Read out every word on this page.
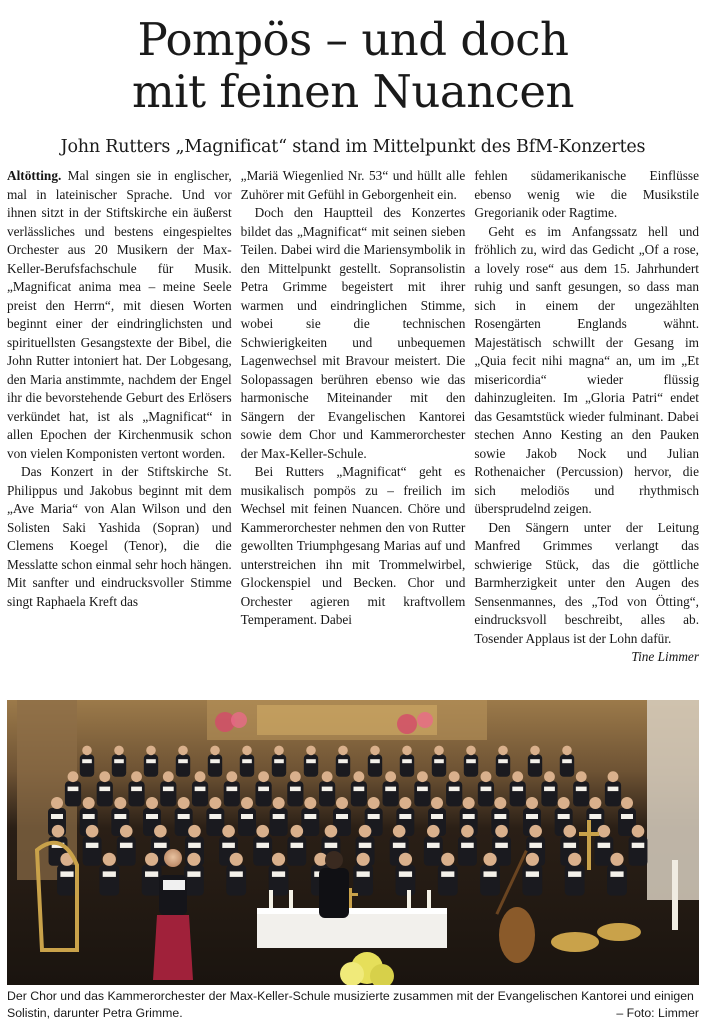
Pompös – und doch
mit feinen Nuancen
John Rutters „Magnificat“ stand im Mittelpunkt des BfM-Konzertes

Altötting. Mal singen sie in englischer, mal in lateinischer Sprache. Und vor ihnen sitzt in der Stiftskirche ein äußerst verlässliches und bestens eingespieltes Orchester aus 20 Musikern der Max-Keller-Berufsfachschule für Musik. „Magnificat anima mea – meine Seele preist den Herrn“, mit diesen Worten beginnt einer der eindringlichsten und spirituellsten Gesangstexte der Bibel, die John Rutter intoniert hat. Der Lobgesang, den Maria anstimmte, nachdem der Engel ihr die bevorstehende Geburt des Erlösers verkündet hat, ist als „Magnificat“ in allen Epochen der Kirchenmusik schon von vielen Komponisten vertont worden.

Das Konzert in der Stiftskirche St. Philippus und Jakobus beginnt mit dem „Ave Maria“ von Alan Wilson und den Solisten Saki Yashida (Sopran) und Clemens Koegel (Tenor), die die Messlatte schon einmal sehr hoch hängen. Mit sanfter und eindrucksvoller Stimme singt Raphaela Kreft das

„Mariä Wiegenlied Nr. 53“ und hüllt alle Zuhörer mit Gefühl in Geborgenheit ein.

Doch den Hauptteil des Konzertes bildet das „Magnificat“ mit seinen sieben Teilen. Dabei wird die Mariensymbolik in den Mittelpunkt gestellt. Sopransolistin Petra Grimme begeistert mit ihrer warmen und eindringlichen Stimme, wobei sie die technischen Schwierigkeiten und unbequemen Lagenwechsel mit Bravour meistert. Die Solopassagen berühren ebenso wie das harmonische Miteinander mit den Sängern der Evangelischen Kantorei sowie dem Chor und Kammerorchester der Max-Keller-Schule.

Bei Rutters „Magnificat“ geht es musikalisch pompös zu – freilich im Wechsel mit feinen Nuancen. Chöre und Kammerorchester nehmen den von Rutter gewollten Triumphgesang Marias auf und unterstreichen ihn mit Trommelwirbel, Glockenspiel und Becken. Chor und Orchester agieren mit kraftvollem Temperament. Dabei

fehlen südamerikanische Einflüsse ebenso wenig wie die Musikstile Gregorianik oder Ragtime.

Geht es im Anfangssatz hell und fröhlich zu, wird das Gedicht „Of a rose, a lovely rose“ aus dem 15. Jahrhundert ruhig und sanft gesungen, so dass man sich in einem der ungezählten Rosengärten Englands wähnt. Majestätisch schwillt der Gesang im „Quia fecit nihi magna“ an, um im „Et misericordia“ wieder flüssig dahinzugleiten. Im „Gloria Patri“ endet das Gesamtstück wieder fulminant. Dabei stechen Anno Kesting an den Pauken sowie Jakob Nock und Julian Rothenaicher (Percussion) hervor, die sich melodiös und rhythmisch übersprudelnd zeigen.

Den Sängern unter der Leitung Manfred Grimmes verlangt das schwierige Stück, das die göttliche Barmherzigkeit unter den Augen des Sensenmannes, des „Tod von Ötting“, eindrucksvoll beschreibt, alles ab. Tosender Applaus ist der Lohn dafür.
Tine Limmer

Der Chor und das Kammerorchester der Max-Keller-Schule musizierte zusammen mit der Evangelischen Kantorei und einigen Solistin, darunter Petra Grimme.	– Foto: Limmer
